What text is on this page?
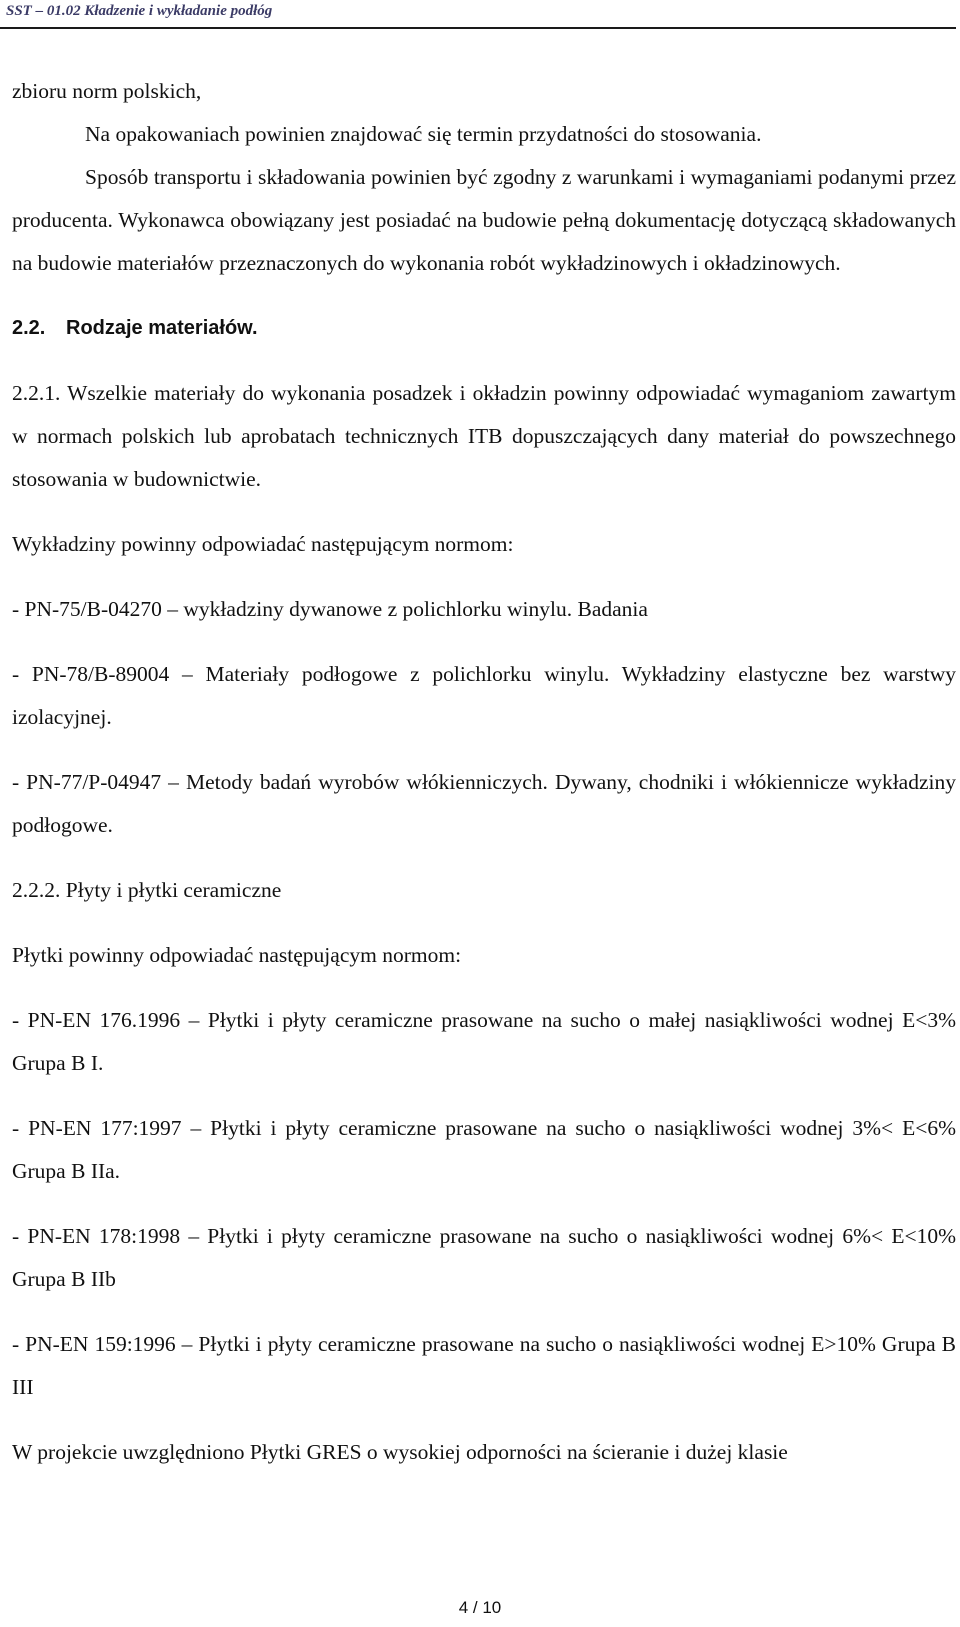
SST – 01.02 Kładzenie i wykładanie podłóg

zbioru norm polskich,

Na opakowaniach powinien znajdować się termin przydatności do stosowania.

Sposób transportu i składowania powinien być zgodny z warunkami i wymaganiami podanymi przez producenta. Wykonawca obowiązany jest posiadać na budowie pełną dokumentację dotyczącą składowanych na budowie materiałów przeznaczonych do wykonania robót wykładzinowych i okładzinowych.

2.2. Rodzaje materiałów.

2.2.1. Wszelkie materiały do wykonania posadzek i okładzin powinny odpowiadać wymaganiom zawartym w normach polskich lub aprobatach technicznych ITB dopuszczających dany materiał do powszechnego stosowania w budownictwie.

Wykładziny powinny odpowiadać następującym normom:

- PN-75/B-04270 – wykładziny dywanowe z polichlorku winylu. Badania

- PN-78/B-89004 – Materiały podłogowe z polichlorku winylu. Wykładziny elastyczne bez warstwy izolacyjnej.

- PN-77/P-04947 – Metody badań wyrobów włókienniczych. Dywany, chodniki i włókiennicze wykładziny podłogowe.

2.2.2. Płyty i płytki ceramiczne

Płytki powinny odpowiadać następującym normom:

- PN-EN 176.1996 – Płytki i płyty ceramiczne prasowane na sucho o małej nasiąkliwości wodnej E<3% Grupa B I.

- PN-EN 177:1997 – Płytki i płyty ceramiczne prasowane na sucho o nasiąkliwości wodnej 3%< E<6% Grupa B IIa.

- PN-EN 178:1998 – Płytki i płyty ceramiczne prasowane na sucho o nasiąkliwości wodnej 6%< E<10% Grupa B IIb

- PN-EN 159:1996 – Płytki i płyty ceramiczne prasowane na sucho o nasiąkliwości wodnej E>10% Grupa B III

W projekcie uwzględniono Płytki GRES o wysokiej odporności na ścieranie i dużej klasie

4 / 10
